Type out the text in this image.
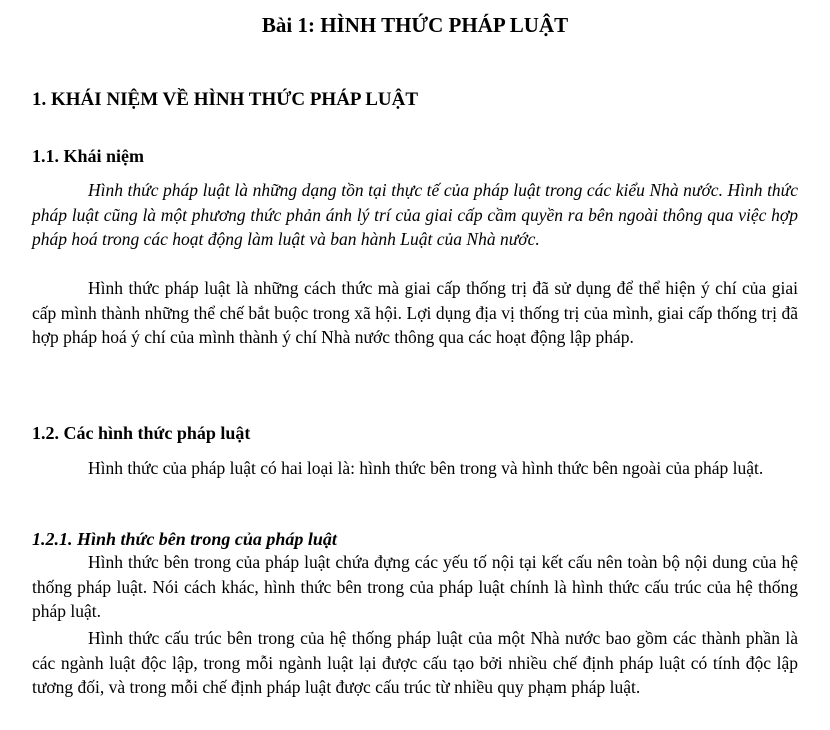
Bài 1: HÌNH THỨC PHÁP LUẬT
1. KHÁI NIỆM VỀ HÌNH THỨC PHÁP LUẬT
1.1. Khái niệm

Hình thức pháp luật là những dạng tồn tại thực tế của pháp luật trong các kiểu Nhà nước. Hình thức pháp luật cũng là một phương thức phản ánh lý trí của giai cấp cầm quyền ra bên ngoài thông qua việc hợp pháp hoá trong các hoạt động làm luật và ban hành Luật của Nhà nước.

Hình thức pháp luật là những cách thức mà giai cấp thống trị đã sử dụng để thể hiện ý chí của giai cấp mình thành những thể chế bắt buộc trong xã hội. Lợi dụng địa vị thống trị của mình, giai cấp thống trị đã hợp pháp hoá ý chí của mình thành ý chí Nhà nước thông qua các hoạt động lập pháp.

1.2. Các hình thức pháp luật

Hình thức của pháp luật có hai loại là: hình thức bên trong và hình thức bên ngoài của pháp luật.

1.2.1. Hình thức bên trong của pháp luật

Hình thức bên trong của pháp luật chứa đựng các yếu tố nội tại kết cấu nên toàn bộ nội dung của hệ thống pháp luật. Nói cách khác, hình thức bên trong của pháp luật chính là hình thức cấu trúc của hệ thống pháp luật.

Hình thức cấu trúc bên trong của hệ thống pháp luật của một Nhà nước bao gồm các thành phần là các ngành luật độc lập, trong mỗi ngành luật lại được cấu tạo bởi nhiều chế định pháp luật có tính độc lập tương đối, và trong mỗi chế định pháp luật được cấu trúc từ nhiều quy phạm pháp luật.
